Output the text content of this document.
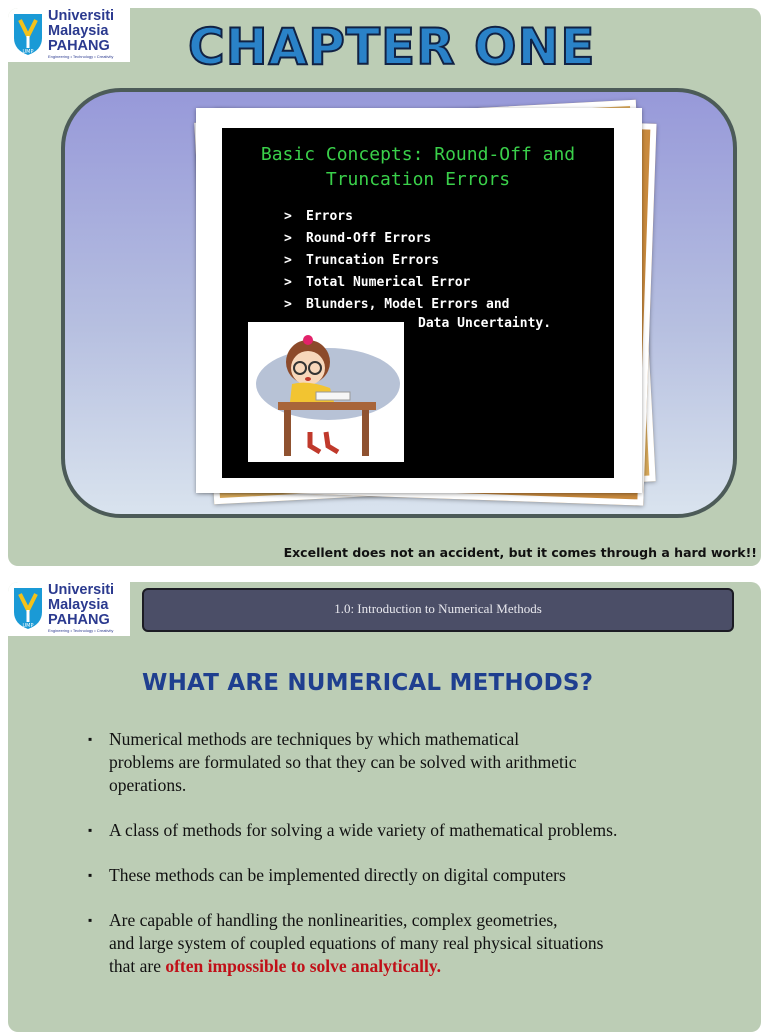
UMP
Universiti
Malaysia
PAHANG
Engineering • Technology • Creativity CHAPTER ONE
Basic Concepts: Round-Off and
Truncation Errors
> Errors
> Round-Off Errors
> Truncation Errors
> Total Numerical Error
> Blunders, Model Errors and
Data Uncertainty.
Excellent does not an accident, but it comes through a hard work!!
UMP
Universiti
Malaysia
PAHANG
Engineering • Technology • Creativity
1.0: Introduction to Numerical Methods
WHAT ARE NUMERICAL METHODS?
▪ Numerical methods are techniques by which mathematical
problems are formulated so that they can be solved with arithmetic
operations.
▪ A class of methods for solving a wide variety of mathematical problems.
▪ These methods can be implemented directly on digital computers
▪ Are capable of handling the nonlinearities, complex geometries,
and large system of coupled equations of many real physical situations
that are often impossible to solve analytically.
